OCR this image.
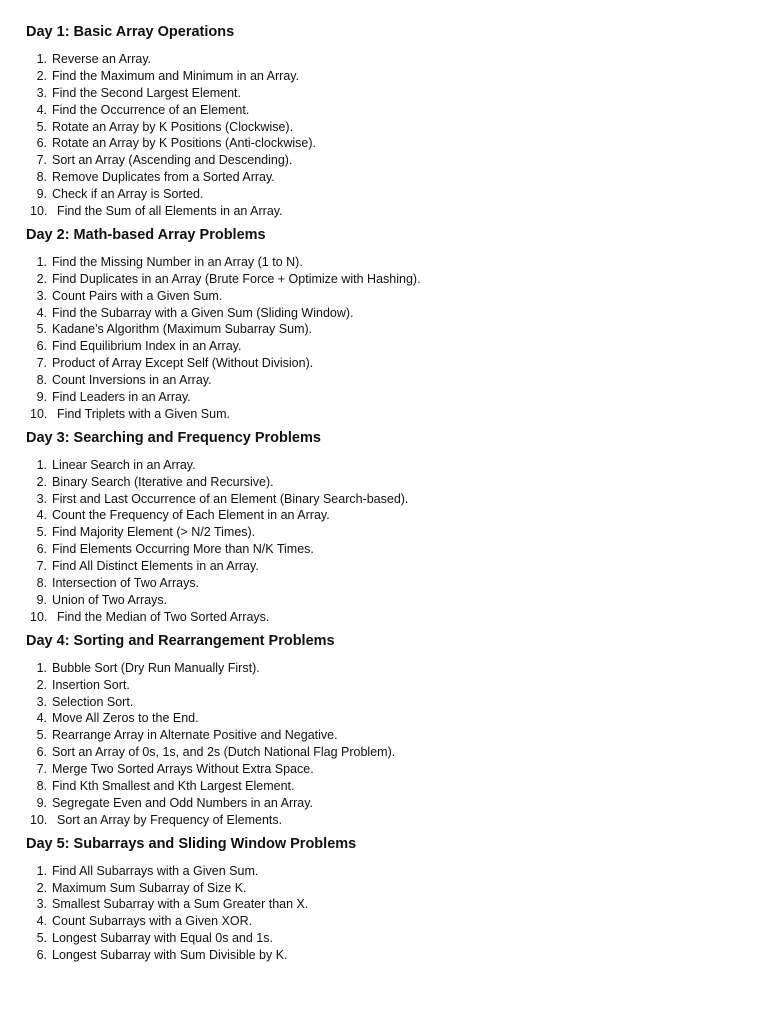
Day 1: Basic Array Operations
1. Reverse an Array.
2. Find the Maximum and Minimum in an Array.
3. Find the Second Largest Element.
4. Find the Occurrence of an Element.
5. Rotate an Array by K Positions (Clockwise).
6. Rotate an Array by K Positions (Anti-clockwise).
7. Sort an Array (Ascending and Descending).
8. Remove Duplicates from a Sorted Array.
9. Check if an Array is Sorted.
10. Find the Sum of all Elements in an Array.
Day 2: Math-based Array Problems
1. Find the Missing Number in an Array (1 to N).
2. Find Duplicates in an Array (Brute Force + Optimize with Hashing).
3. Count Pairs with a Given Sum.
4. Find the Subarray with a Given Sum (Sliding Window).
5. Kadane's Algorithm (Maximum Subarray Sum).
6. Find Equilibrium Index in an Array.
7. Product of Array Except Self (Without Division).
8. Count Inversions in an Array.
9. Find Leaders in an Array.
10. Find Triplets with a Given Sum.
Day 3: Searching and Frequency Problems
1. Linear Search in an Array.
2. Binary Search (Iterative and Recursive).
3. First and Last Occurrence of an Element (Binary Search-based).
4. Count the Frequency of Each Element in an Array.
5. Find Majority Element (> N/2 Times).
6. Find Elements Occurring More than N/K Times.
7. Find All Distinct Elements in an Array.
8. Intersection of Two Arrays.
9. Union of Two Arrays.
10. Find the Median of Two Sorted Arrays.
Day 4: Sorting and Rearrangement Problems
1. Bubble Sort (Dry Run Manually First).
2. Insertion Sort.
3. Selection Sort.
4. Move All Zeros to the End.
5. Rearrange Array in Alternate Positive and Negative.
6. Sort an Array of 0s, 1s, and 2s (Dutch National Flag Problem).
7. Merge Two Sorted Arrays Without Extra Space.
8. Find Kth Smallest and Kth Largest Element.
9. Segregate Even and Odd Numbers in an Array.
10. Sort an Array by Frequency of Elements.
Day 5: Subarrays and Sliding Window Problems
1. Find All Subarrays with a Given Sum.
2. Maximum Sum Subarray of Size K.
3. Smallest Subarray with a Sum Greater than X.
4. Count Subarrays with a Given XOR.
5. Longest Subarray with Equal 0s and 1s.
6. Longest Subarray with Sum Divisible by K.
